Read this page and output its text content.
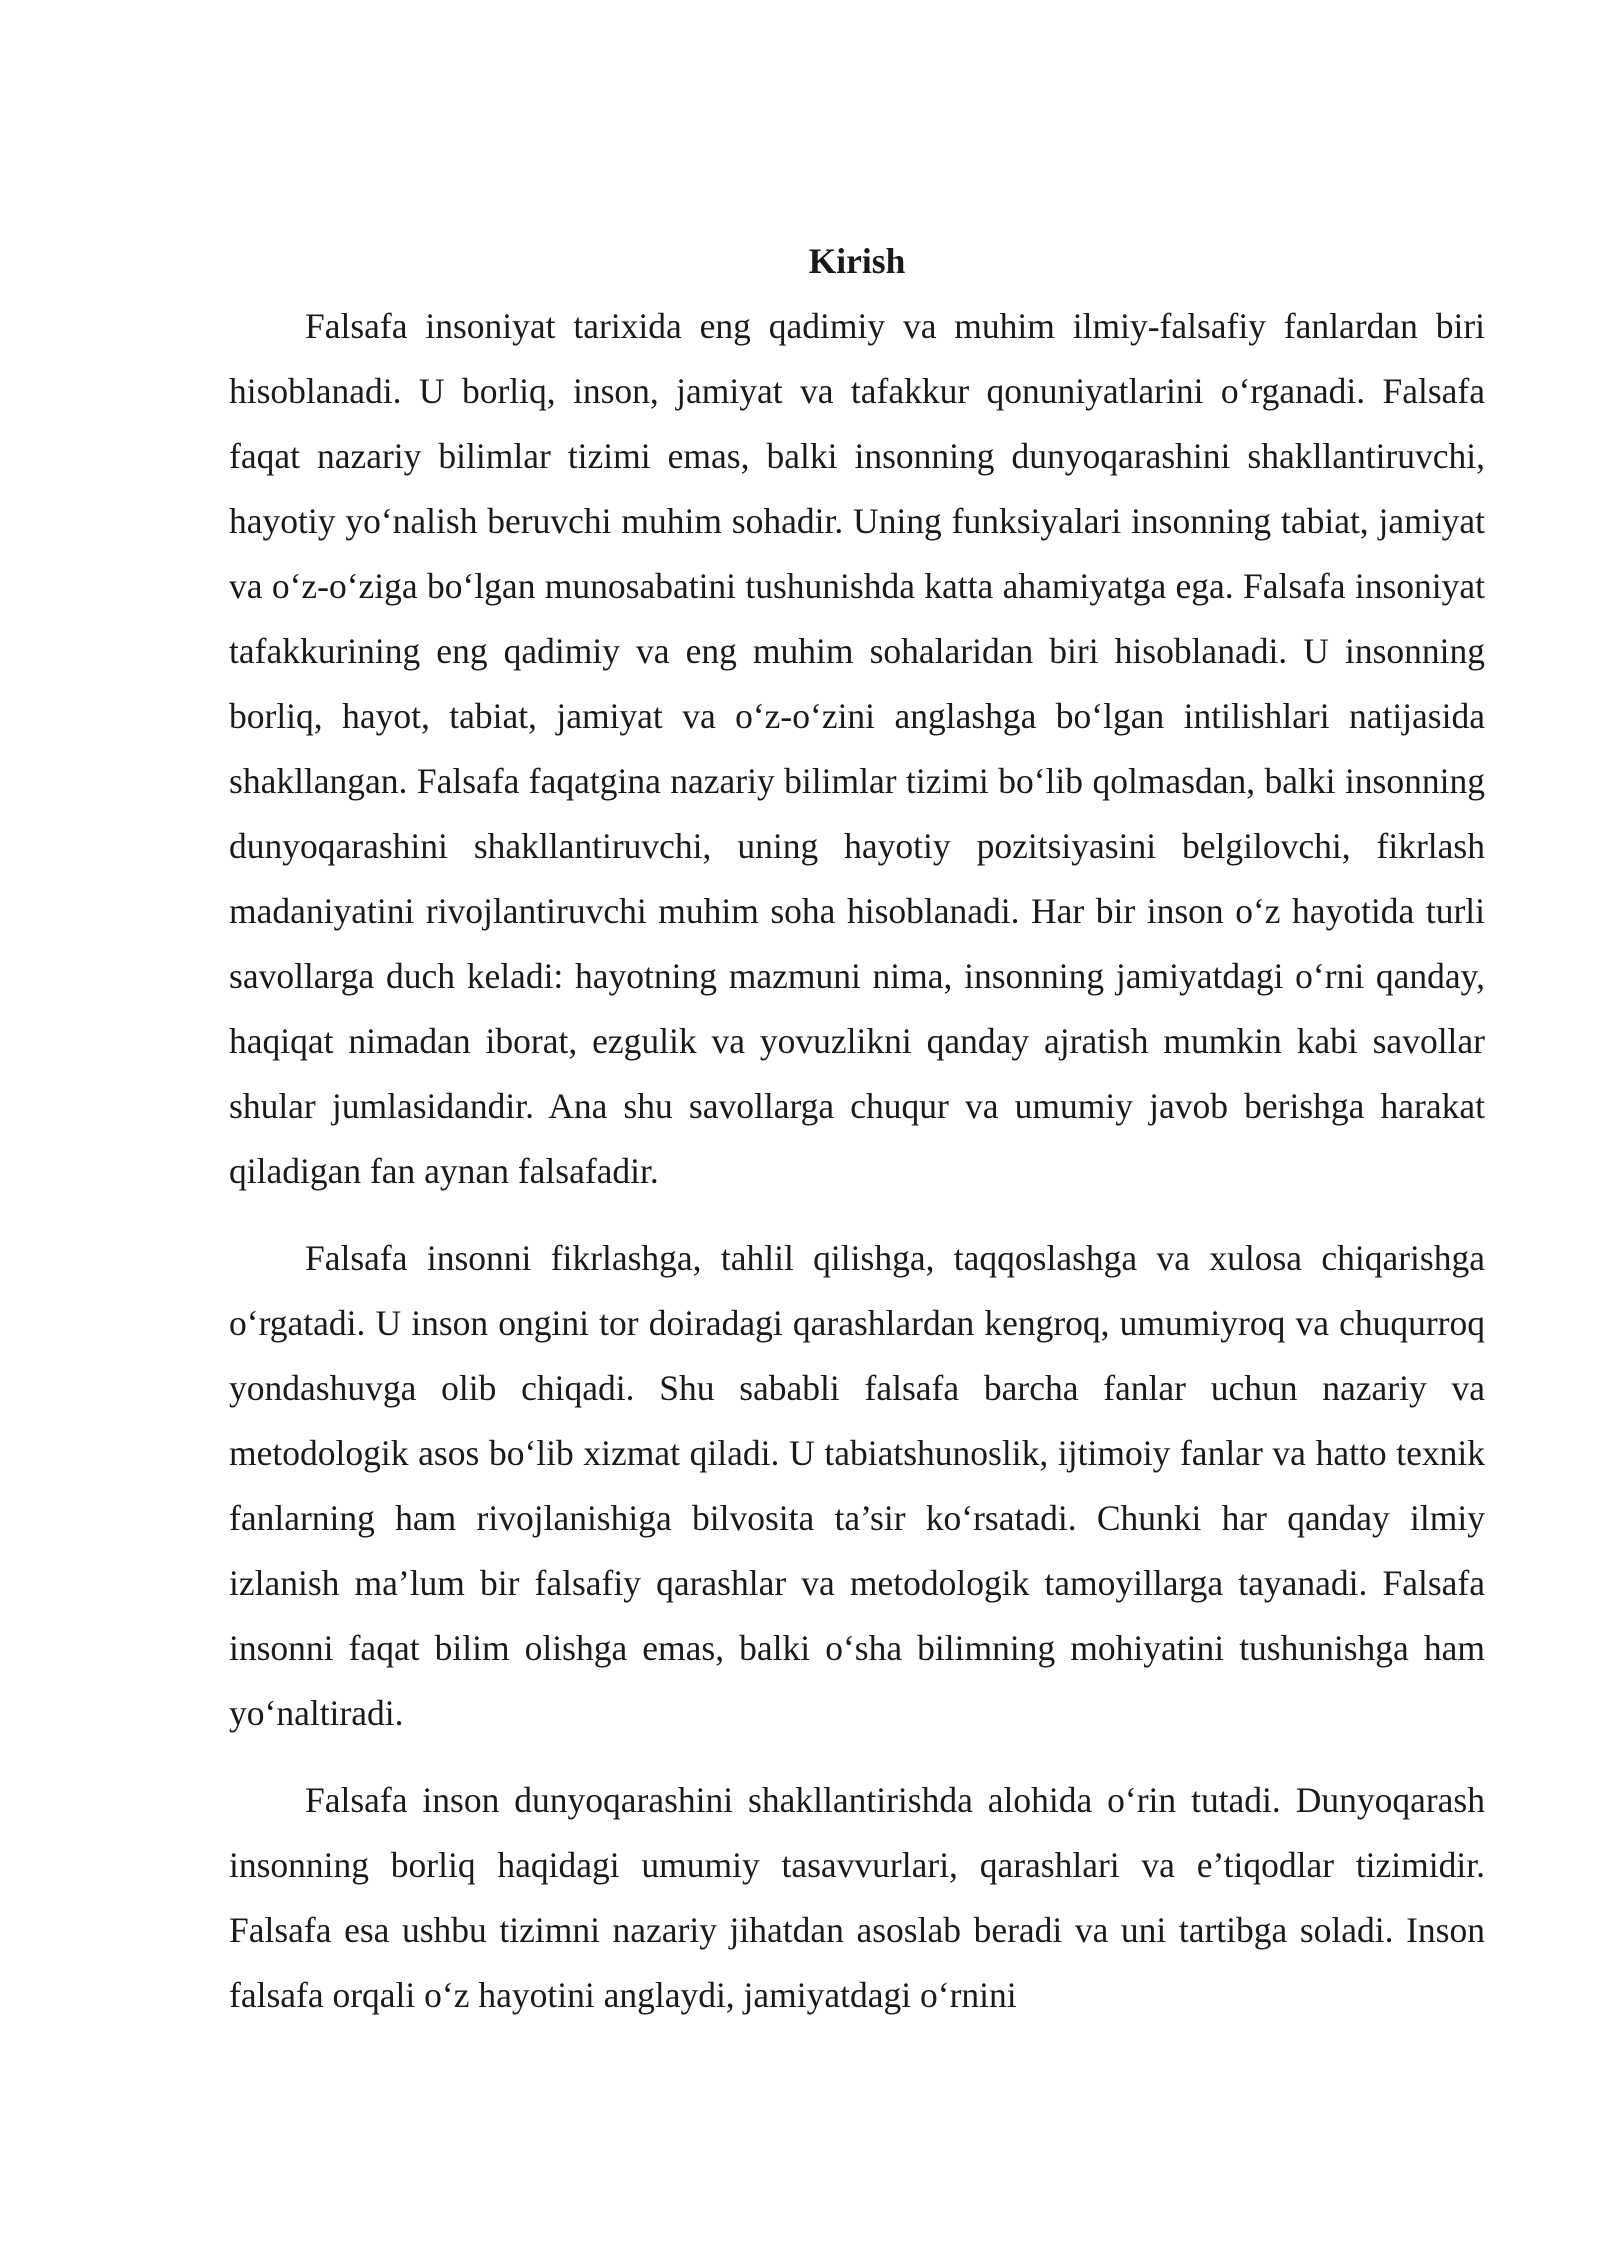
Kirish

Falsafa insoniyat tarixida eng qadimiy va muhim ilmiy-falsafiy fanlardan biri hisoblanadi. U borliq, inson, jamiyat va tafakkur qonuniyatlarini o‘rganadi. Falsafa faqat nazariy bilimlar tizimi emas, balki insonning dunyoqarashini shakllantiruvchi, hayotiy yo‘nalish beruvchi muhim sohadir. Uning funksiyalari insonning tabiat, jamiyat va o‘z-o‘ziga bo‘lgan munosabatini tushunishda katta ahamiyatga ega. Falsafa insoniyat tafakkurining eng qadimiy va eng muhim sohalaridan biri hisoblanadi. U insonning borliq, hayot, tabiat, jamiyat va o‘z-o‘zini anglashga bo‘lgan intilishlari natijasida shakllangan. Falsafa faqatgina nazariy bilimlar tizimi bo‘lib qolmasdan, balki insonning dunyoqarashini shakllantiruvchi, uning hayotiy pozitsiyasini belgilovchi, fikrlash madaniyatini rivojlantiruvchi muhim soha hisoblanadi. Har bir inson o‘z hayotida turli savollarga duch keladi: hayotning mazmuni nima, insonning jamiyatdagi o‘rni qanday, haqiqat nimadan iborat, ezgulik va yovuzlikni qanday ajratish mumkin kabi savollar shular jumlasidandir. Ana shu savollarga chuqur va umumiy javob berishga harakat qiladigan fan aynan falsafadir.

Falsafa insonni fikrlashga, tahlil qilishga, taqqoslashga va xulosa chiqarishga o‘rgatadi. U inson ongini tor doiradagi qarashlardan kengroq, umumiyroq va chuqurroq yondashuvga olib chiqadi. Shu sababli falsafa barcha fanlar uchun nazariy va metodologik asos bo‘lib xizmat qiladi. U tabiatshunoslik, ijtimoiy fanlar va hatto texnik fanlarning ham rivojlanishiga bilvosita ta’sir ko‘rsatadi. Chunki har qanday ilmiy izlanish ma’lum bir falsafiy qarashlar va metodologik tamoyillarga tayanadi. Falsafa insonni faqat bilim olishga emas, balki o‘sha bilimning mohiyatini tushunishga ham yo‘naltiradi.

Falsafa inson dunyoqarashini shakllantirishda alohida o‘rin tutadi. Dunyoqarash insonning borliq haqidagi umumiy tasavvurlari, qarashlari va e’tiqodlar tizimidir. Falsafa esa ushbu tizimni nazariy jihatdan asoslab beradi va uni tartibga soladi. Inson falsafa orqali o‘z hayotini anglaydi, jamiyatdagi o‘rnini
